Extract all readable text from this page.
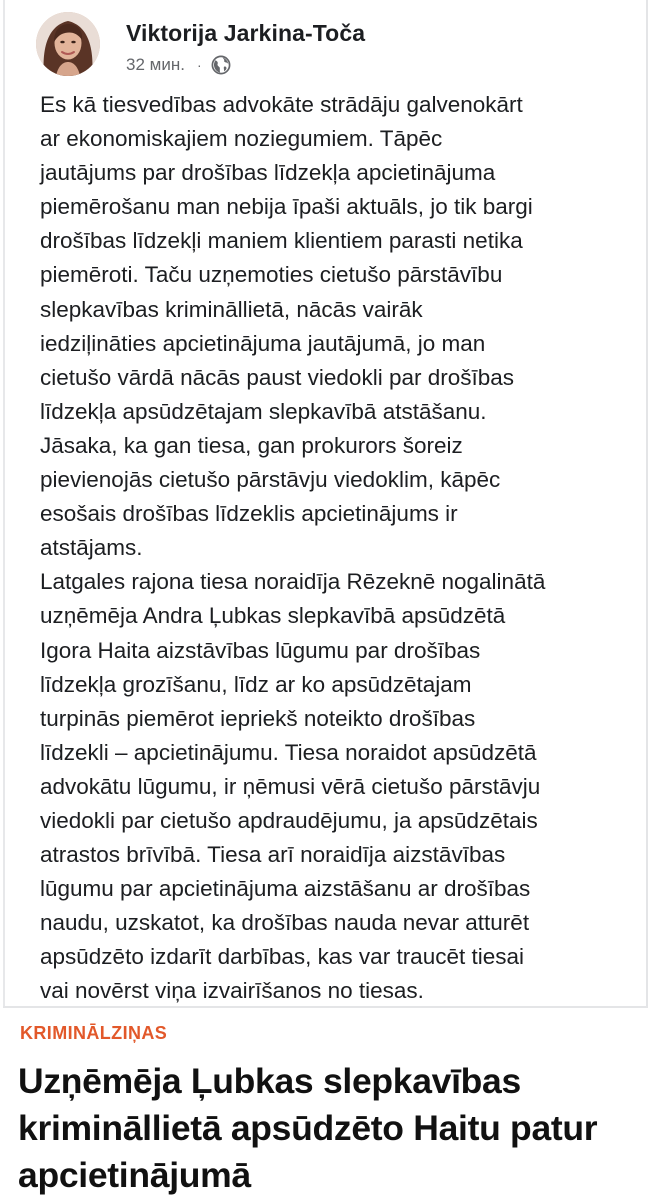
Viktorija Jarkina-Toča
32 мин. ·
Es kā tiesvedības advokāte strādāju galvenokārt
ar ekonomiskajiem noziegumiem. Tāpēc
jautājums par drošības līdzekļa apcietinājuma
piemērošanu man nebija īpaši aktuāls, jo tik bargi
drošības līdzekļi maniem klientiem parasti netika
piemēroti. Taču uzņemoties cietušo pārstāvību
slepkavības krimināllietā, nācās vairāk
iedziļināties apcietinājuma jautājumā, jo man
cietušo vārdā nācās paust viedokli par drošības
līdzekļa apsūdzētajam slepkavībā atstāšanu.
Jāsaka, ka gan tiesa, gan prokurors šoreiz
pievienojās cietušo pārstāvju viedoklim, kāpēc
esošais drošības līdzeklis apcietinājums ir
atstājams.
Latgales rajona tiesa noraidīja Rēzeknē nogalinātā
uzņēmēja Andra Ļubkas slepkavībā apsūdzētā
Igora Haita aizstāvības lūgumu par drošības
līdzekļa grozīšanu, līdz ar ko apsūdzētajam
turpinās piemērot iepriekš noteikto drošības
līdzekli – apcietinājumu. Tiesa noraidot apsūdzētā
advokātu lūgumu, ir ņēmusi vērā cietušo pārstāvju
viedokli par cietušo apdraudējumu, ja apsūdzētais
atrastos brīvībā. Tiesa arī noraidīja aizstāvības
lūgumu par apcietinājuma aizstāšanu ar drošības
naudu, uzskatot, ka drošības nauda nevar atturēt
apsūdzēto izdarīt darbības, kas var traucēt tiesai
vai novērst viņa izvairīšanos no tiesas.
KRIMINĀLZIŅAS
Uzņēmēja Ļubkas slepkavības
krimināllietā apsūdzēto Haitu patur
apcietinājumā
